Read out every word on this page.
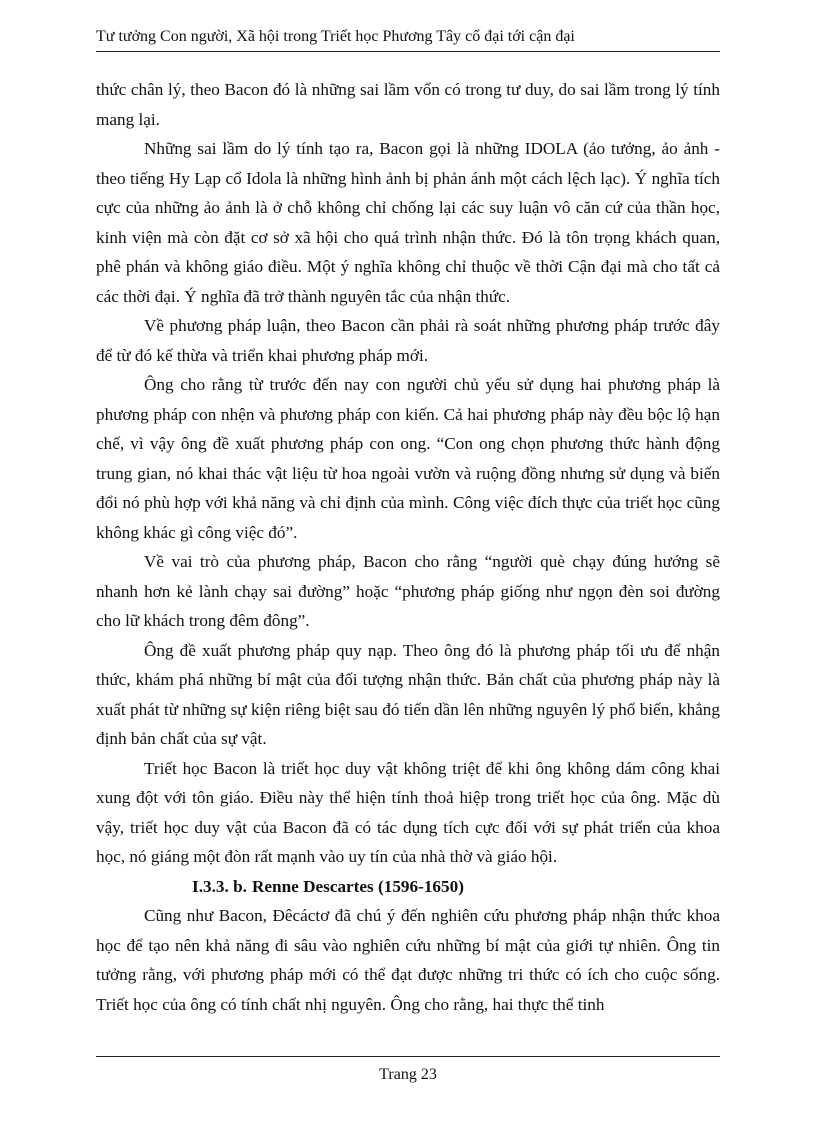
Tư tưởng Con người, Xã hội trong Triết học Phương Tây cổ đại tới cận đại

thức chân lý, theo Bacon đó là những sai lầm vốn có trong tư duy, do sai lầm trong lý tính mang lại.

Những sai lầm do lý tính tạo ra, Bacon gọi là những IDOLA (ảo tưởng, ảo ảnh - theo tiếng Hy Lạp cổ Idola là những hình ảnh bị phản ánh một cách lệch lạc). Ý nghĩa tích cực của những ảo ảnh là ở chỗ không chỉ chống lại các suy luận vô căn cứ của thần học, kinh viện mà còn đặt cơ sở xã hội cho quá trình nhận thức. Đó là tôn trọng khách quan, phê phán và không giáo điều. Một ý nghĩa không chỉ thuộc về thời Cận đại mà cho tất cả các thời đại. Ý nghĩa đã trở thành nguyên tắc của nhận thức.

Về phương pháp luận, theo Bacon cần phải rà soát những phương pháp trước đây để từ đó kế thừa và triển khai phương pháp mới.

Ông cho rằng từ trước đến nay con người chủ yếu sử dụng hai phương pháp là phương pháp con nhện và phương pháp con kiến. Cả hai phương pháp này đều bộc lộ hạn chế, vì vậy ông đề xuất phương pháp con ong. “Con ong chọn phương thức hành động trung gian, nó khai thác vật liệu từ hoa ngoài vườn và ruộng đồng nhưng sử dụng và biến đổi nó phù hợp với khả năng và chỉ định của mình. Công việc đích thực của triết học cũng không khác gì công việc đó”.

Về vai trò của phương pháp, Bacon cho rằng “người què chạy đúng hướng sẽ nhanh hơn kẻ lành chạy sai đường” hoặc “phương pháp giống như ngọn đèn soi đường cho lữ khách trong đêm đông”.

Ông đề xuất phương pháp quy nạp. Theo ông đó là phương pháp tối ưu để nhận thức, khám phá những bí mật của đối tượng nhận thức. Bản chất của phương pháp này là xuất phát từ những sự kiện riêng biệt sau đó tiến dần lên những nguyên lý phổ biến, khẳng định bản chất của sự vật.

Triết học Bacon là triết học duy vật không triệt để khi ông không dám công khai xung đột với tôn giáo. Điều này thể hiện tính thoả hiệp trong triết học của ông. Mặc dù vậy, triết học duy vật của Bacon đã có tác dụng tích cực đối với sự phát triển của khoa học, nó giáng một đòn rất mạnh vào uy tín của nhà thờ và giáo hội.

I.3.3. b. Renne Descartes (1596-1650)

Cũng như Bacon, Đêcáctơ đã chú ý đến nghiên cứu phương pháp nhận thức khoa học để tạo nên khả năng đi sâu vào nghiên cứu những bí mật của giới tự nhiên. Ông tin tưởng rằng, với phương pháp mới có thể đạt được những tri thức có ích cho cuộc sống. Triết học của ông có tính chất nhị nguyên. Ông cho rằng, hai thực thể tinh

Trang 23
